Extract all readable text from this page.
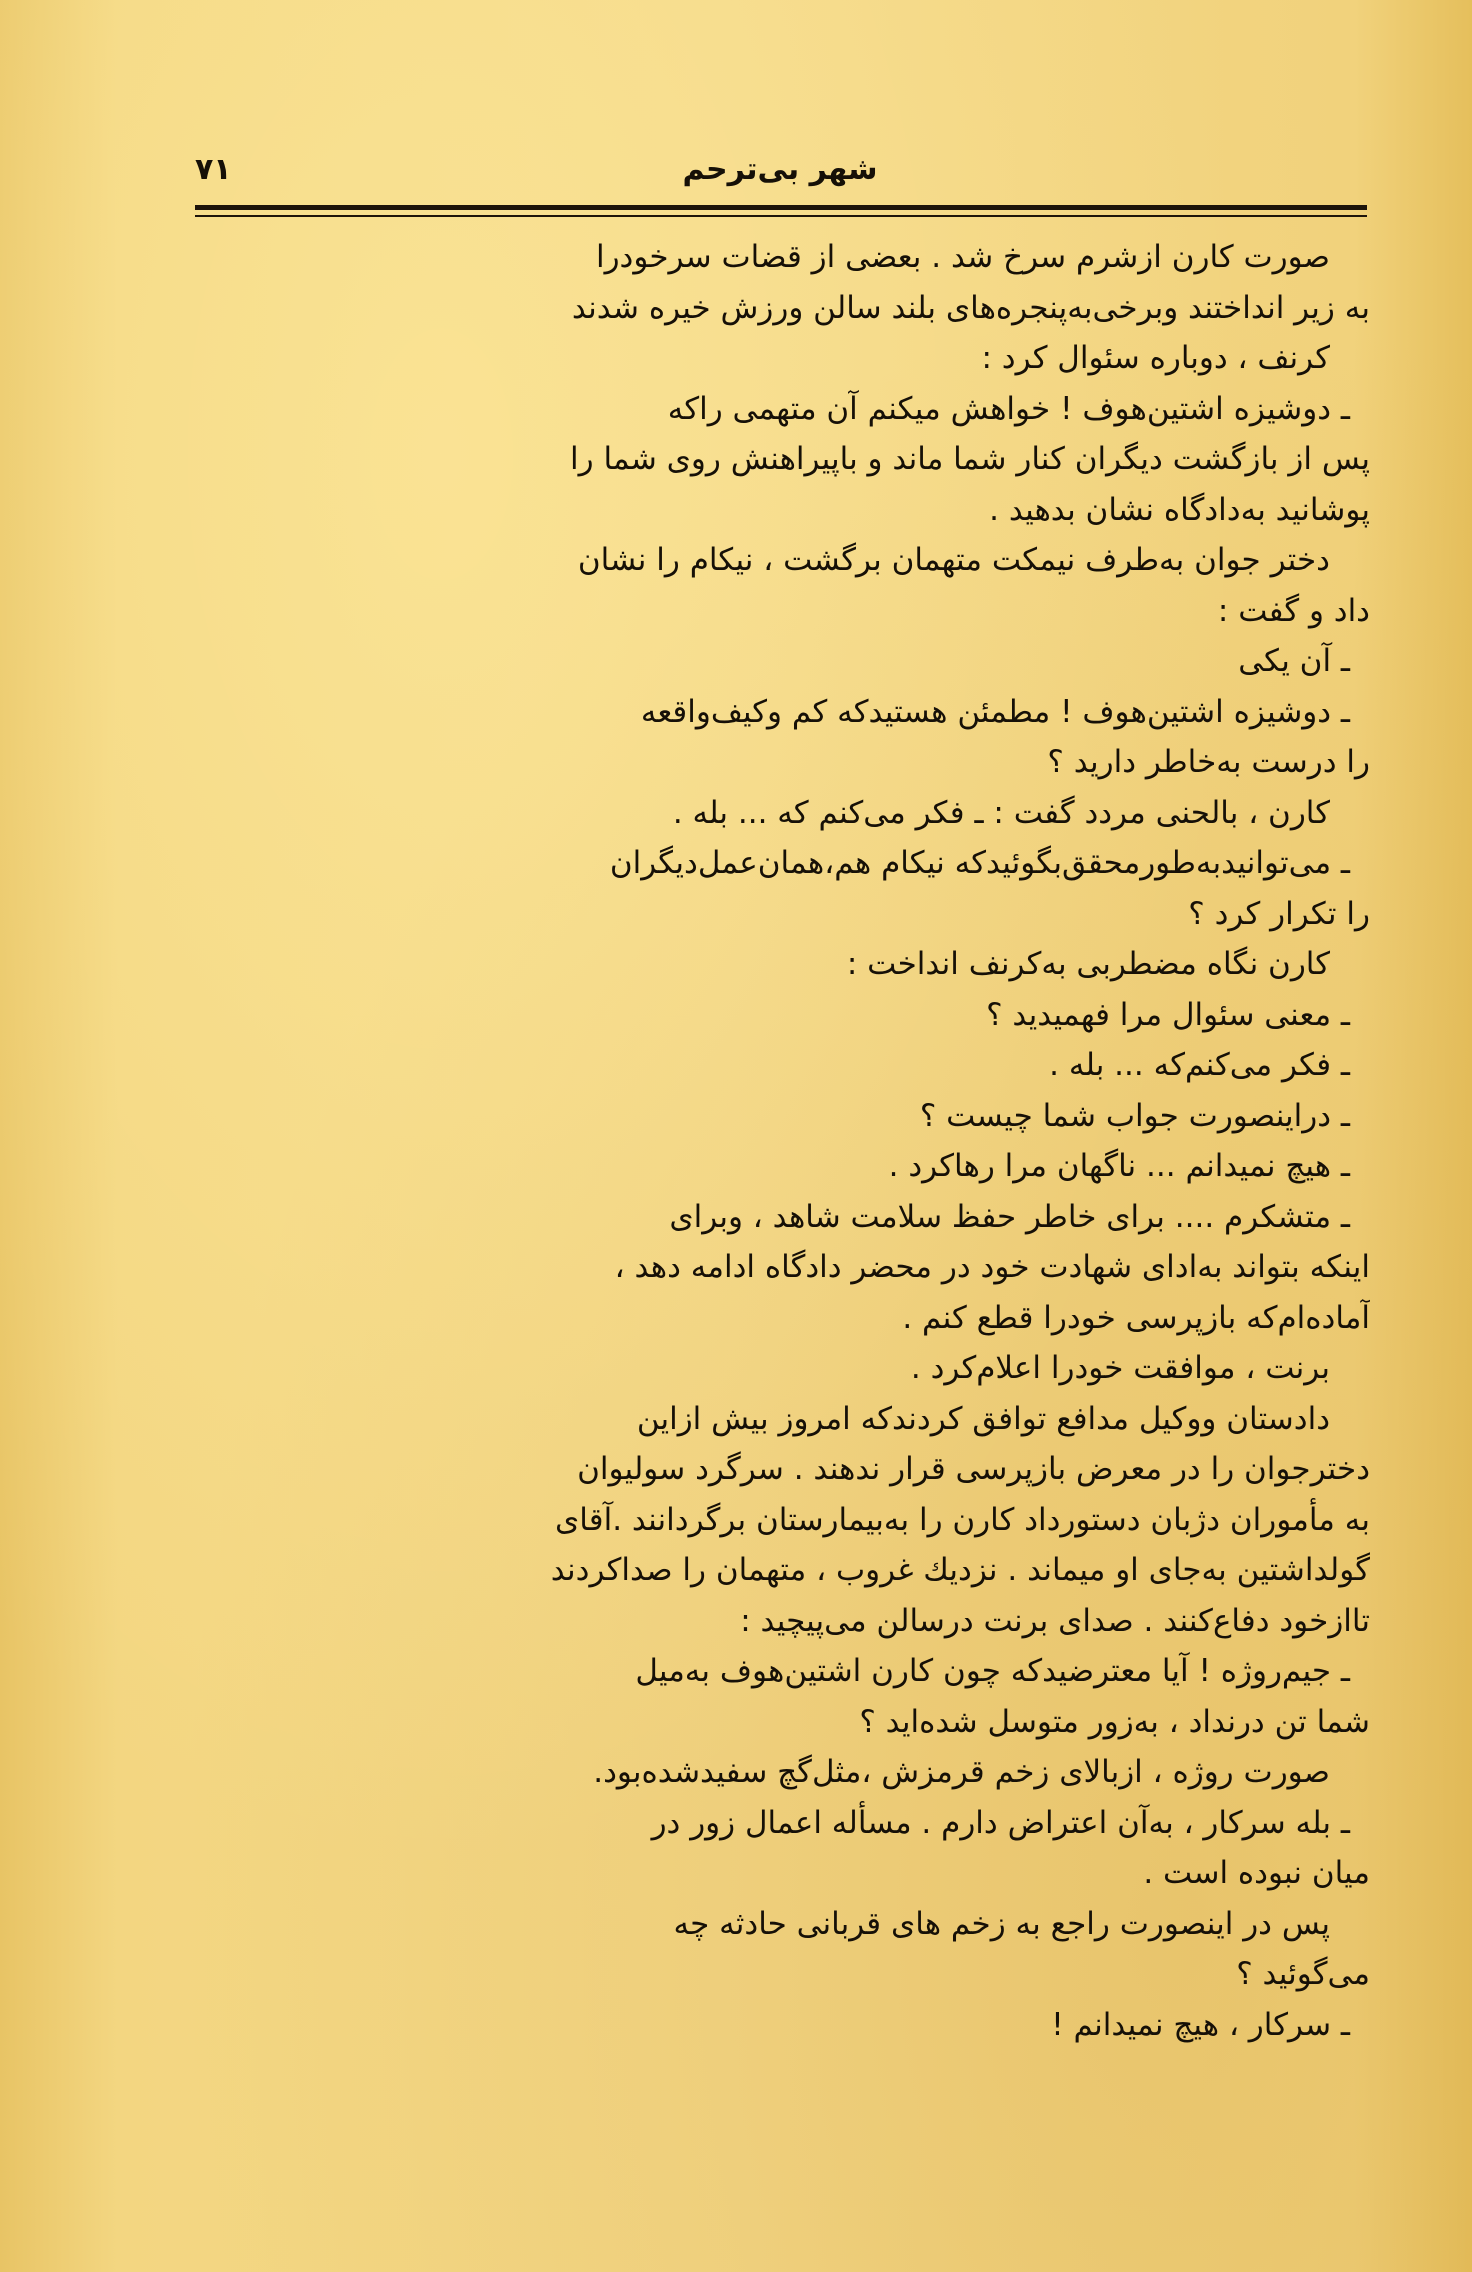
۷۱	شهر بی‌ترحم
صورت کارن ازشرم سرخ شد . بعضی از قضات سرخودرا
به زیر انداختند وبرخی‌به‌پنجره‌های بلند سالن ورزش خیره شدند
کرنف ، دوباره سئوال کرد :
ـ دوشیزه اشتین‌هوف ! خواهش میکنم آن متهمی راکه
پس از بازگشت دیگران کنار شما ماند و باپیراهنش روی شما را
پوشانید به‌دادگاه نشان بدهید .
دختر جوان به‌طرف نیمکت متهمان برگشت ، نیکام را نشان
داد و گفت :
ـ آن یکی
ـ دوشیزه اشتین‌هوف ! مطمئن هستیدکه کم وکیف‌واقعه
را درست به‌خاطر دارید ؟
کارن ، بالحنی مردد گفت : ـ فکر می‌کنم که ... بله .
ـ می‌توانیدبه‌طورمحقق‌بگوئیدکه نیکام هم،همان‌عمل‌دیگران
را تکرار کرد ؟
کارن نگاه مضطربی به‌کرنف انداخت :
ـ معنی سئوال مرا فهمیدید ؟
ـ فکر می‌کنم‌که ... بله .
ـ دراینصورت جواب شما چیست ؟
ـ هیچ نمیدانم ... ناگهان مرا رهاکرد .
ـ متشکرم .... برای خاطر حفظ سلامت شاهد ، وبرای
اینکه بتواند به‌ادای شهادت خود در محضر دادگاه ادامه دهد ،
آماده‌ام‌که بازپرسی خودرا قطع کنم .
برنت ، موافقت خودرا اعلام‌کرد .
دادستان ووکیل مدافع توافق کردندکه امروز بیش ازاین
دخترجوان را در معرض بازپرسی قرار ندهند . سرگرد سولیوان
به مأموران دژبان دستورداد کارن را به‌بیمارستان برگردانند .آقای
گولداشتین به‌جای او میماند . نزدیك غروب ، متهمان را صداکردند
تاازخود دفاع‌کنند . صدای برنت درسالن می‌پیچید :
ـ جیم‌روژه ! آیا معترضیدکه چون کارن اشتین‌هوف به‌میل
شما تن درنداد ، به‌زور متوسل شده‌اید ؟
صورت روژه ، ازبالای زخم قرمزش ،مثل‌گچ سفیدشده‌بود.
ـ بله سرکار ، به‌آن اعتراض دارم . مسأله اعمال زور در
میان نبوده است .
پس در اینصورت راجع به زخم های قربانی حادثه چه
می‌گوئید ؟
ـ سرکار ، هیچ نمیدانم !
